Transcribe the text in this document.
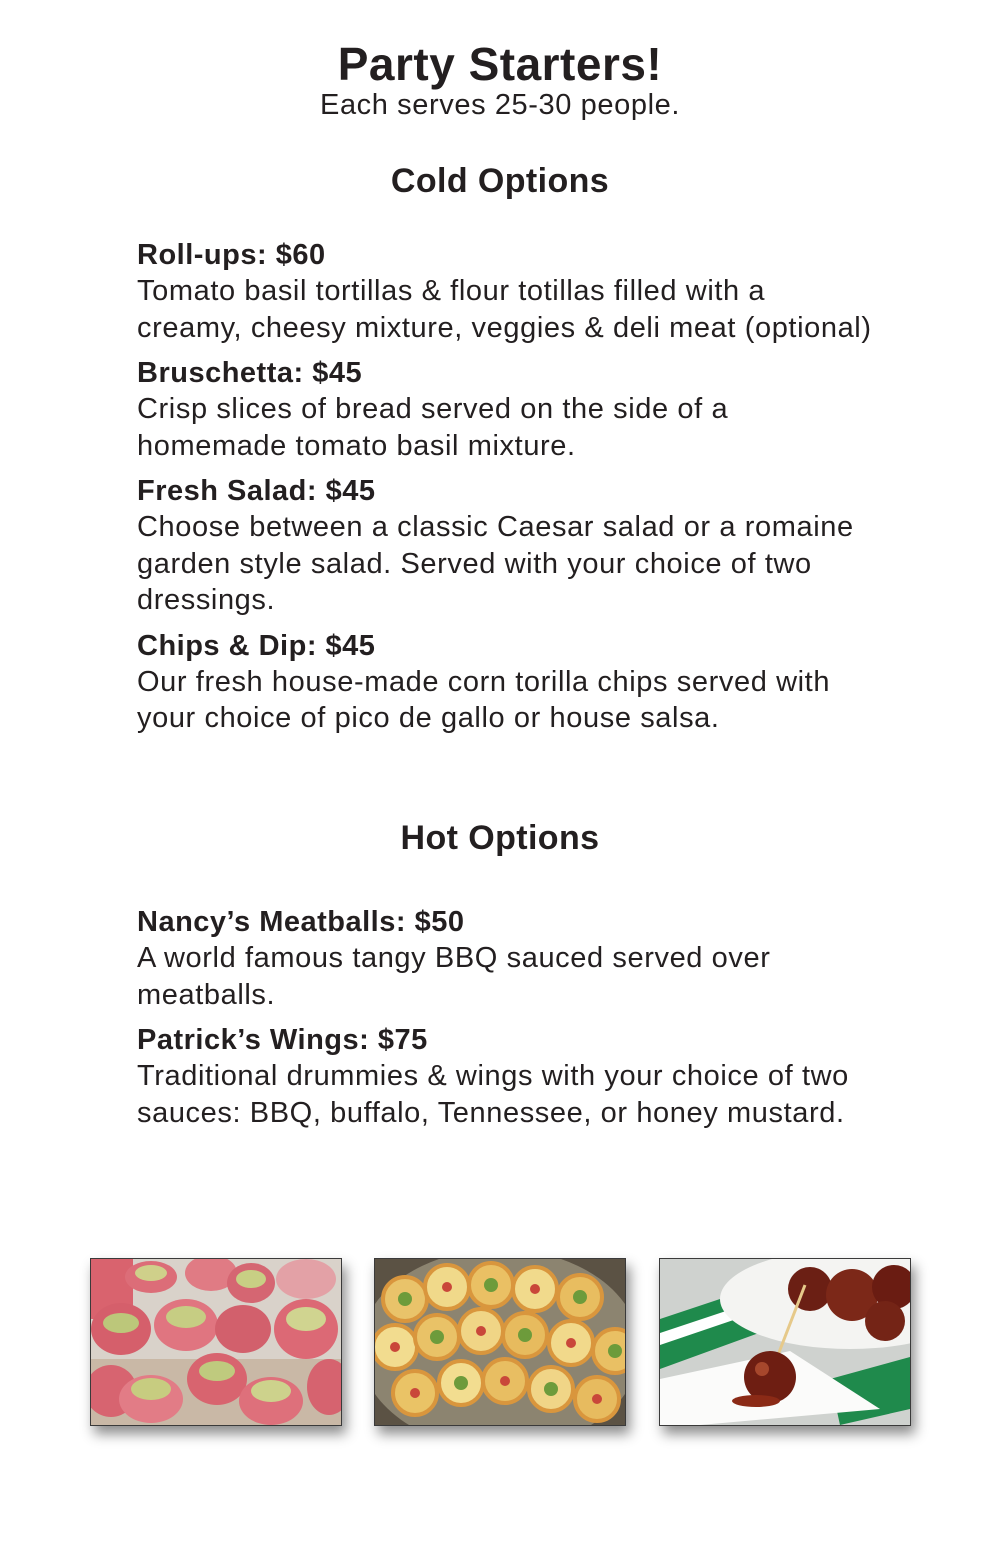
Party Starters!
Each serves 25-30 people.
Cold Options
Roll-ups: $60
Tomato basil tortillas & flour totillas filled with a creamy, cheesy mixture, veggies & deli meat (optional)
Bruschetta: $45
Crisp slices of bread served on the side of a homemade tomato basil mixture.
Fresh Salad: $45
Choose between a classic Caesar salad or a romaine garden style salad. Served with your choice of two dressings.
Chips & Dip: $45
Our fresh house-made corn torilla chips served with your choice of pico de gallo or house salsa.
Hot Options
Nancy’s Meatballs: $50
A world famous tangy BBQ sauced served over meatballs.
Patrick’s Wings: $75
Traditional drummies & wings with your choice of two sauces: BBQ, buffalo, Tennessee, or honey mustard.
